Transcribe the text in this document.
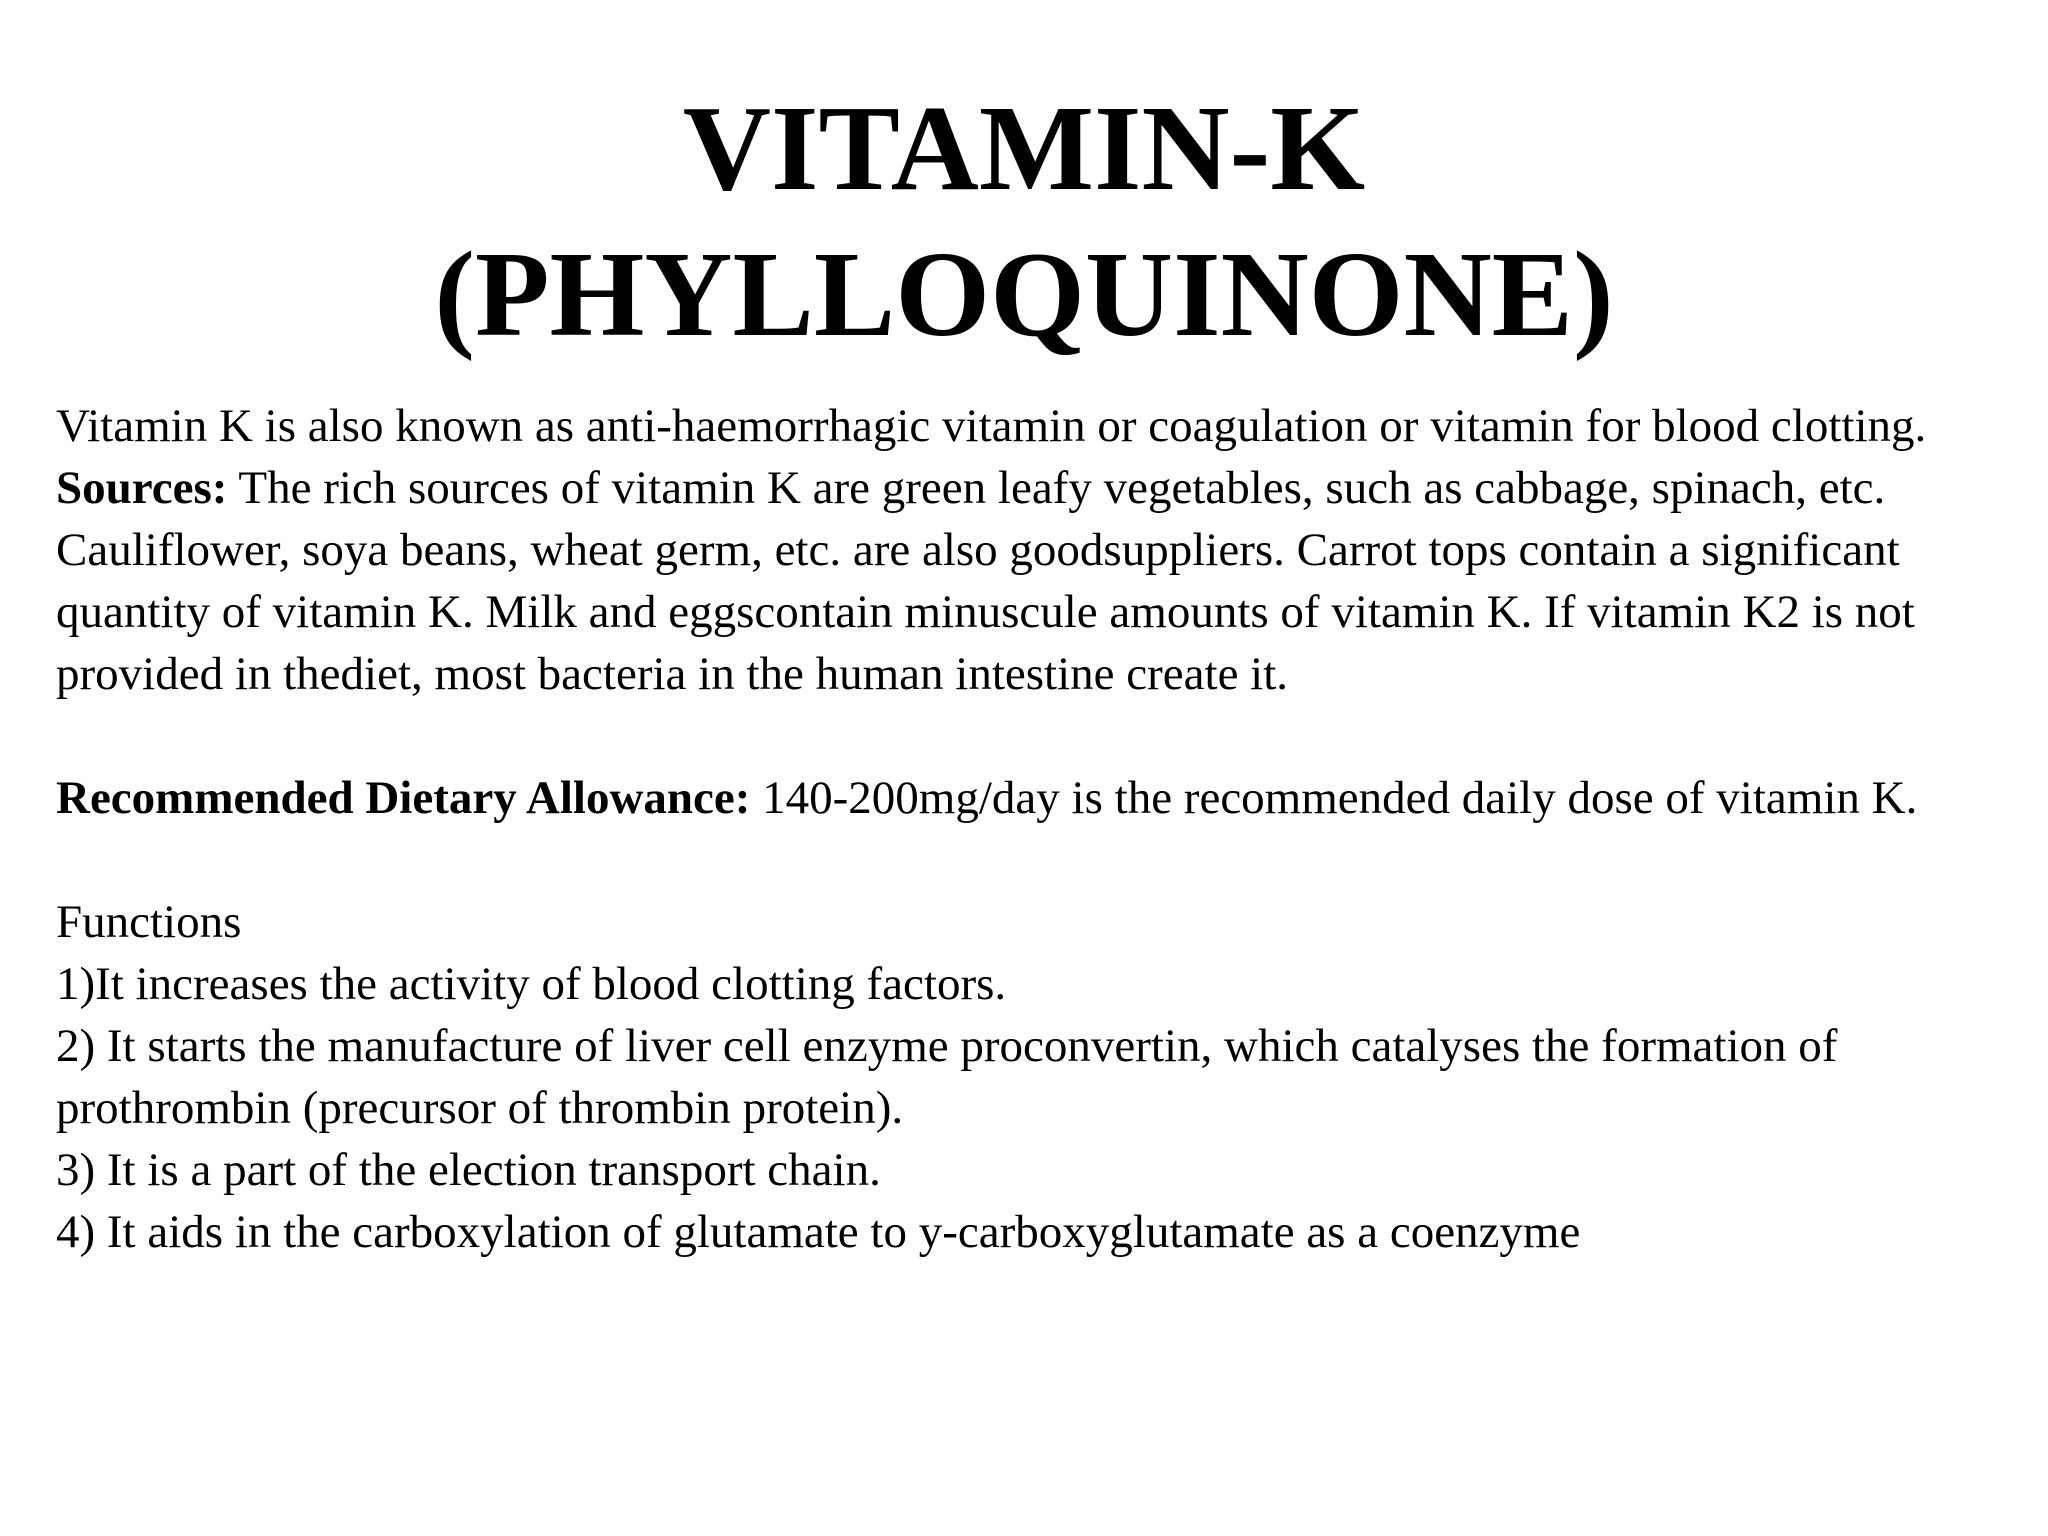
VITAMIN-K
(PHYLLOQUINONE)

Vitamin K is also known as anti-haemorrhagic vitamin or coagulation or vitamin for blood clotting.

Sources: The rich sources of vitamin K are green leafy vegetables, such as cabbage, spinach, etc. Cauliflower, soya beans, wheat germ, etc. are also goodsuppliers. Carrot tops contain a significant quantity of vitamin K. Milk and eggscontain minuscule amounts of vitamin K. If vitamin K2 is not provided in thediet, most bacteria in the human intestine create it.

Recommended Dietary Allowance: 140-200mg/day is the recommended daily dose of vitamin K.

Functions

1)It increases the activity of blood clotting factors.

2) It starts the manufacture of liver cell enzyme proconvertin, which catalyses the formation of prothrombin (precursor of thrombin protein).

3) It is a part of the election transport chain.

4) It aids in the carboxylation of glutamate to y-carboxyglutamate as a coenzyme
